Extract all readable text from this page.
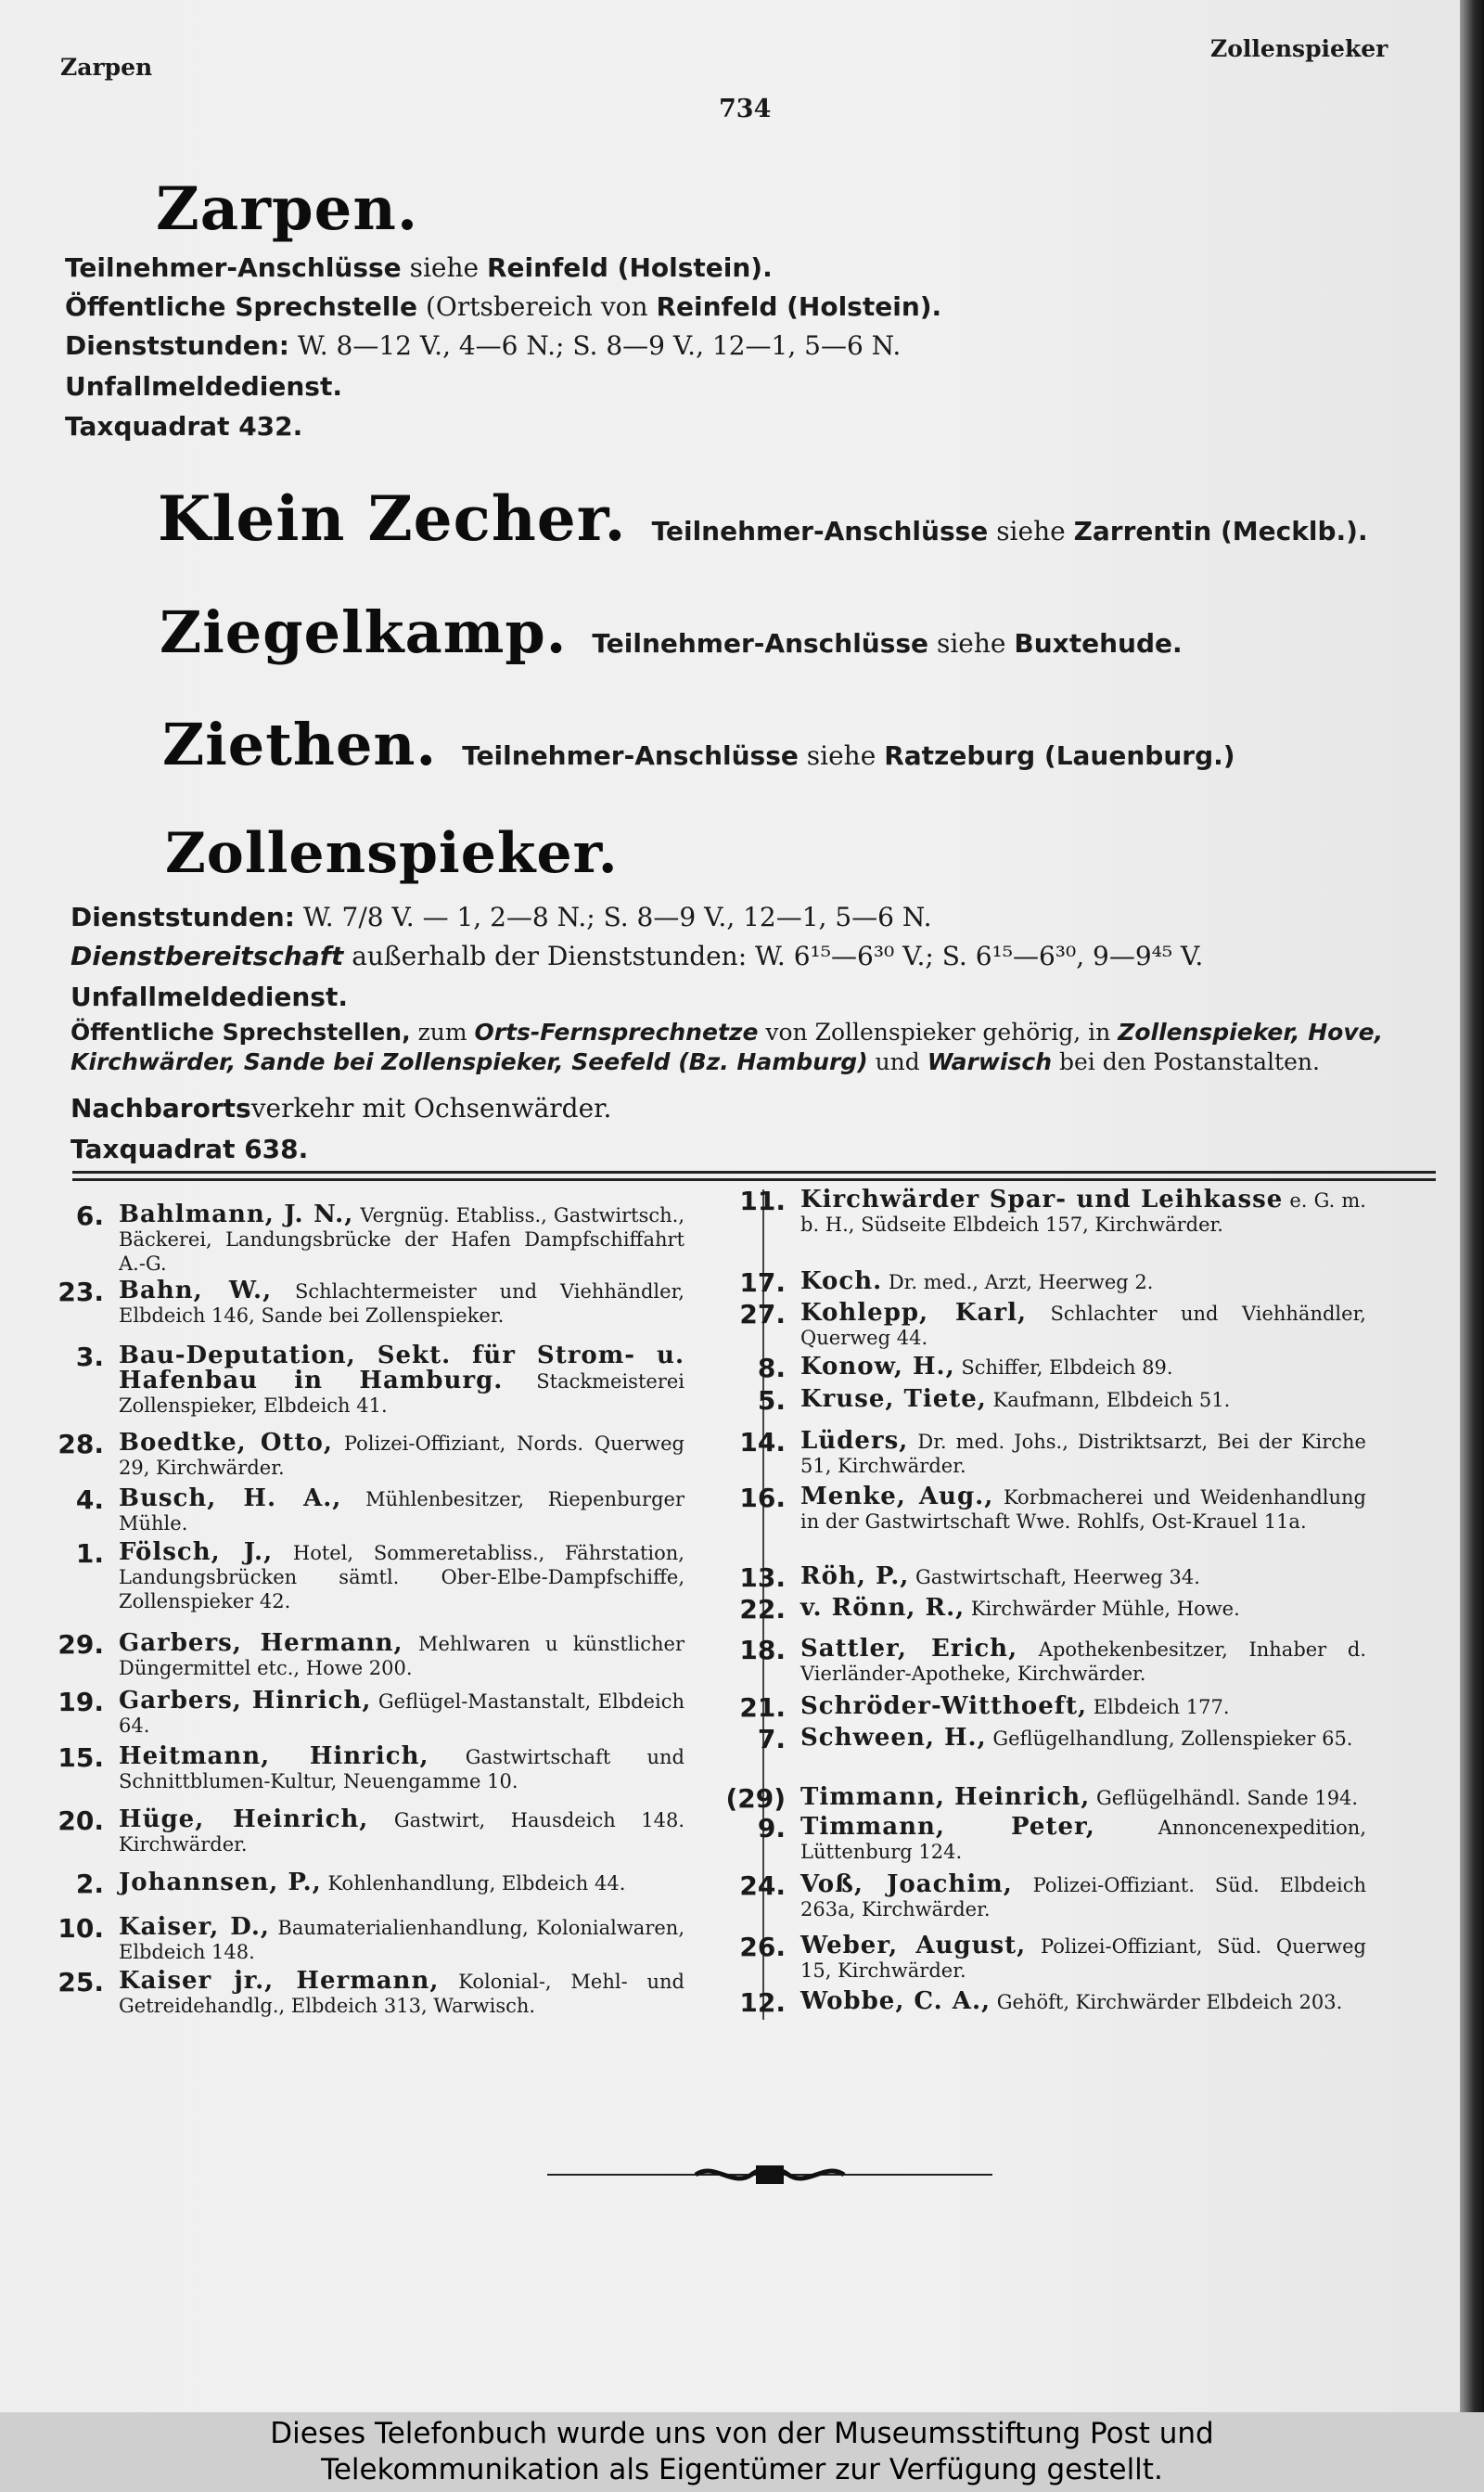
Zarpen
Zollenspieker
734
Zarpen.
Teilnehmer-Anschlüsse siehe Reinfeld (Holstein).
Öffentliche Sprechstelle (Ortsbereich von Reinfeld (Holstein).
Dienststunden: W. 8—12 V., 4—6 N.; S. 8—9 V., 12—1, 5—6 N.
Unfallmeldedienst.
Taxquadrat 432.
Klein Zecher. Teilnehmer-Anschlüsse siehe Zarrentin (Mecklb.).
Ziegelkamp. Teilnehmer-Anschlüsse siehe Buxtehude.
Ziethen. Teilnehmer-Anschlüsse siehe Ratzeburg (Lauenburg.)
Zollenspieker.
Dienststunden: W. 7/8 V. — 1, 2—8 N.; S. 8—9 V., 12—1, 5—6 N.
Dienstbereitschaft außerhalb der Dienststunden: W. 6¹⁵—6³⁰ V.; S. 6¹⁵—6³⁰, 9—9⁴⁵ V.
Unfallmeldedienst.
Öffentliche Sprechstellen, zum Orts-Fernsprechnetze von Zollenspieker gehörig, in Zollenspieker, Hove,
Kirchwärder, Sande bei Zollenspieker, Seefeld (Bz. Hamburg) und Warwisch bei den Postanstalten.
Nachbarortsverkehr mit Ochsenwärder.
Taxquadrat 638.
6. Bahlmann, J. N., Vergnüg. Etabliss., Gastwirtsch., Bäckerei, Landungsbrücke der Hafen Dampfschiffahrt A.-G.
23. Bahn, W., Schlachtermeister und Viehhändler, Elbdeich 146, Sande bei Zollenspieker.
3. Bau-Deputation, Sekt. für Strom- u. Hafenbau in Hamburg. Stackmeisterei Zollenspieker, Elbdeich 41.
28. Boedtke, Otto, Polizei-Offiziant, Nords. Querweg 29, Kirchwärder.
4. Busch, H. A., Mühlenbesitzer, Riepenburger Mühle.
1. Fölsch, J., Hotel, Sommeretabliss., Fährstation, Landungsbrücken sämtl. Ober-Elbe-Dampfschiffe, Zollenspieker 42.
29. Garbers, Hermann, Mehlwaren u künstlicher Düngermittel etc., Howe 200.
19. Garbers, Hinrich, Geflügel-Mastanstalt, Elbdeich 64.
15. Heitmann, Hinrich, Gastwirtschaft und Schnittblumen-Kultur, Neuengamme 10.
20. Hüge, Heinrich, Gastwirt, Hausdeich 148. Kirchwärder.
2. Johannsen, P., Kohlenhandlung, Elbdeich 44.
10. Kaiser, D., Baumaterialienhandlung, Kolonialwaren, Elbdeich 148.
25. Kaiser jr., Hermann, Kolonial-, Mehl- und Getreidehandlg., Elbdeich 313, Warwisch.
11. Kirchwärder Spar- und Leihkasse e. G. m. b. H., Südseite Elbdeich 157, Kirchwärder.
17. Koch. Dr. med., Arzt, Heerweg 2.
27. Kohlepp, Karl, Schlachter und Viehhändler, Querweg 44.
8. Konow, H., Schiffer, Elbdeich 89.
5. Kruse, Tiete, Kaufmann, Elbdeich 51.
14. Lüders, Dr. med. Johs., Distriktsarzt, Bei der Kirche 51, Kirchwärder.
16. Menke, Aug., Korbmacherei und Weidenhandlung in der Gastwirtschaft Wwe. Rohlfs, Ost-Krauel 11a.
13. Röh, P., Gastwirtschaft, Heerweg 34.
22. v. Rönn, R., Kirchwärder Mühle, Howe.
18. Sattler, Erich, Apothekenbesitzer, Inhaber d. Vierländer-Apotheke, Kirchwärder.
21. Schröder-Witthoeft, Elbdeich 177.
7. Schween, H., Geflügelhandlung, Zollenspieker 65.
(29) Timmann, Heinrich, Geflügelhändl. Sande 194.
9. Timmann, Peter,	Annoncenexpedition, Lüttenburg 124.
24. Voß, Joachim, Polizei-Offiziant. Süd. Elbdeich 263a, Kirchwärder.
26. Weber, August, Polizei-Offiziant, Süd. Querweg 15, Kirchwärder.
12. Wobbe, C. A., Gehöft, Kirchwärder Elbdeich 203.
Dieses Telefonbuch wurde uns von der Museumsstiftung Post und
Telekommunikation als Eigentümer zur Verfügung gestellt.
